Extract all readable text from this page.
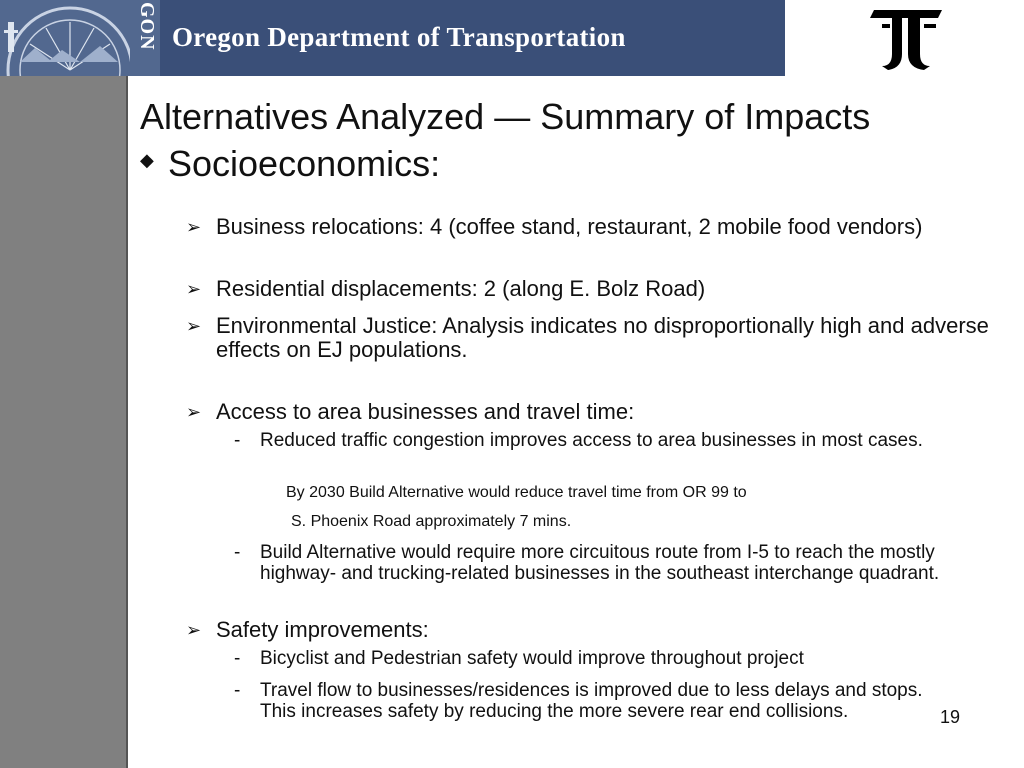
GON Oregon Department of Transportation
Alternatives Analyzed — Summary of Impacts
◆ Socioeconomics:
➢ Business relocations: 4 (coffee stand, restaurant, 2 mobile food vendors)
➢ Residential displacements: 2 (along E. Bolz Road)
➢ Environmental Justice: Analysis indicates no disproportionally high and adverse effects on EJ populations.
➢ Access to area businesses and travel time:
- Reduced traffic congestion improves access to area businesses in most cases.
By 2030 Build Alternative would reduce travel time from OR 99 to
S. Phoenix Road approximately 7 mins.
- Build Alternative would require more circuitous route from I-5 to reach the mostly highway- and trucking-related businesses in the southeast interchange quadrant.
➢ Safety improvements:
- Bicyclist and Pedestrian safety would improve throughout project
- Travel flow to businesses/residences is improved due to less delays and stops. This increases safety by reducing the more severe rear end collisions.	19
